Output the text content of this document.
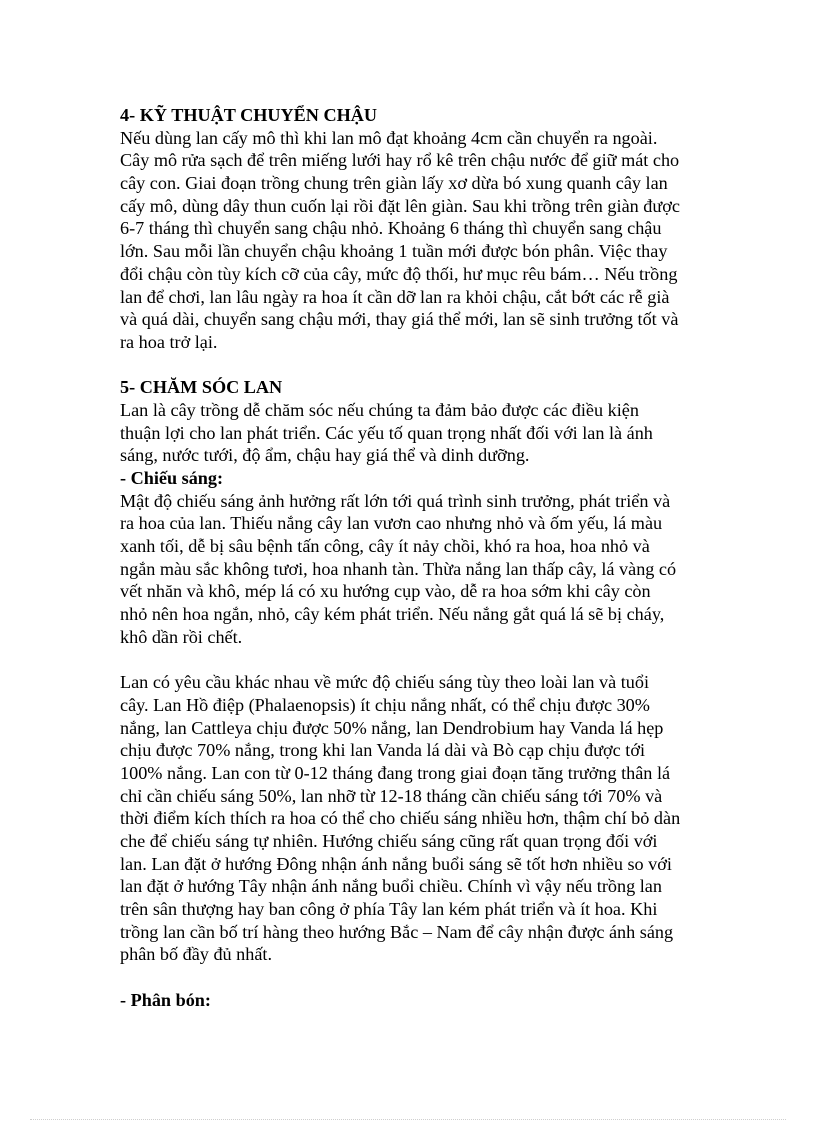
4- KỸ THUẬT CHUYỂN CHẬU
Nếu dùng lan cấy mô thì khi lan mô đạt khoảng 4cm cần chuyển ra ngoài.
Cây mô rửa sạch để trên miếng lưới hay rổ kê trên chậu nước để giữ mát cho
cây con. Giai đoạn trồng chung trên giàn lấy xơ dừa bó xung quanh cây lan
cấy mô, dùng dây thun cuốn lại rồi đặt lên giàn. Sau khi trồng trên giàn được
6-7 tháng thì chuyển sang chậu nhỏ. Khoảng 6 tháng thì chuyển sang chậu
lớn. Sau mỗi lần chuyển chậu khoảng 1 tuần mới được bón phân. Việc thay
đổi chậu còn tùy kích cỡ của cây, mức độ thối, hư mục rêu bám… Nếu trồng
lan để chơi, lan lâu ngày ra hoa ít cần dỡ lan ra khỏi chậu, cắt bớt các rễ già
và quá dài, chuyển sang chậu mới, thay giá thể mới, lan sẽ sinh trưởng tốt và
ra hoa trở lại.
5- CHĂM SÓC LAN
Lan là cây trồng dễ chăm sóc nếu chúng ta đảm bảo được các điều kiện
thuận lợi cho lan phát triển. Các yếu tố quan trọng nhất đối với lan là ánh
sáng, nước tưới, độ ẩm, chậu hay giá thể và dinh dưỡng.
- Chiếu sáng:
Mật độ chiếu sáng ảnh hưởng rất lớn tới quá trình sinh trưởng, phát triển và
ra hoa của lan. Thiếu nắng cây lan vươn cao nhưng nhỏ và ốm yếu, lá màu
xanh tối, dễ bị sâu bệnh tấn công, cây ít nảy chồi, khó ra hoa, hoa nhỏ và
ngắn màu sắc không tươi, hoa nhanh tàn. Thừa nắng lan thấp cây, lá vàng có
vết nhăn và khô, mép lá có xu hướng cụp vào, dễ ra hoa sớm khi cây còn
nhỏ nên hoa ngắn, nhỏ, cây kém phát triển. Nếu nắng gắt quá lá sẽ bị cháy,
khô dần rồi chết.
Lan có yêu cầu khác nhau về mức độ chiếu sáng tùy theo loài lan và tuổi
cây. Lan Hồ điệp (Phalaenopsis) ít chịu nắng nhất, có thể chịu được 30%
nắng, lan Cattleya chịu được 50% nắng, lan Dendrobium hay Vanda lá hẹp
chịu được 70% nắng, trong khi lan Vanda lá dài và Bò cạp chịu được tới
100% nắng. Lan con từ 0-12 tháng đang trong giai đoạn tăng trưởng thân lá
chỉ cần chiếu sáng 50%, lan nhỡ từ 12-18 tháng cần chiếu sáng tới 70% và
thời điểm kích thích ra hoa có thể cho chiếu sáng nhiều hơn, thậm chí bỏ dàn
che để chiếu sáng tự nhiên. Hướng chiếu sáng cũng rất quan trọng đối với
lan. Lan đặt ở hướng Đông nhận ánh nắng buổi sáng sẽ tốt hơn nhiều so với
lan đặt ở hướng Tây nhận ánh nắng buổi chiều. Chính vì vậy nếu trồng lan
trên sân thượng hay ban công ở phía Tây lan kém phát triển và ít hoa. Khi
trồng lan cần bố trí hàng theo hướng Bắc – Nam để cây nhận được ánh sáng
phân bố đầy đủ nhất.
- Phân bón:
